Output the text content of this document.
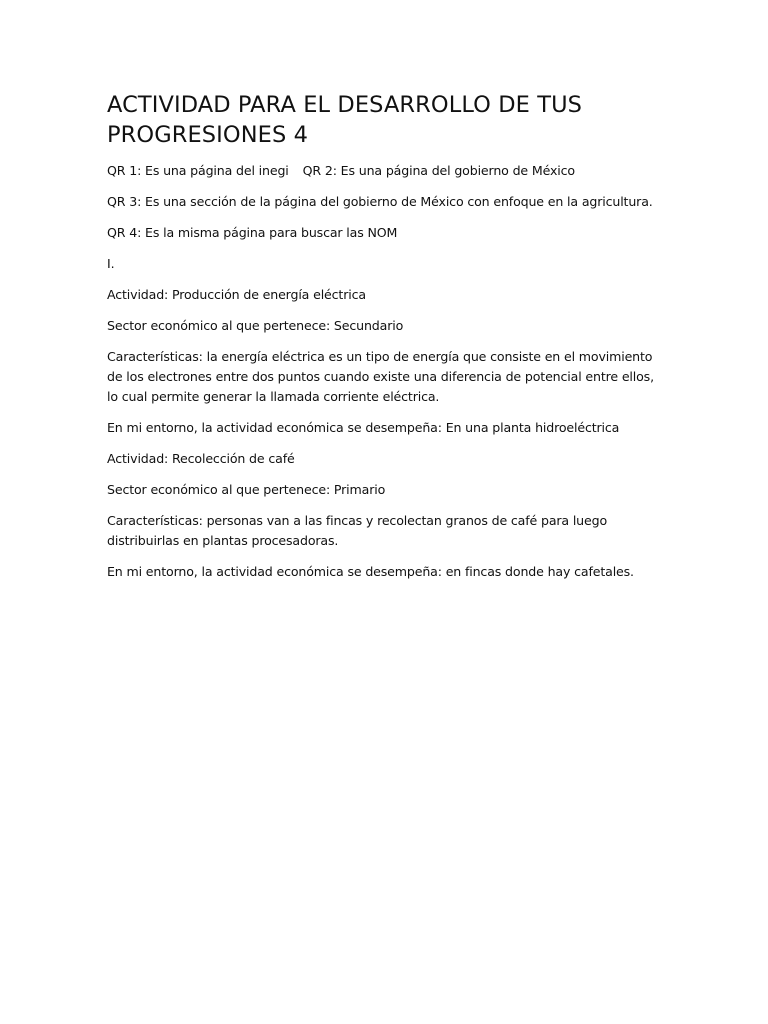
ACTIVIDAD PARA EL DESARROLLO DE TUS PROGRESIONES 4

QR 1: Es una página del inegi QR 2: Es una página del gobierno de México

QR 3: Es una sección de la página del gobierno de México con enfoque en la agricultura.

QR 4: Es la misma página para buscar las NOM

I.

Actividad: Producción de energía eléctrica

Sector económico al que pertenece: Secundario

Características: la energía eléctrica es un tipo de energía que consiste en el movimiento de los electrones entre dos puntos cuando existe una diferencia de potencial entre ellos, lo cual permite generar la llamada corriente eléctrica.

En mi entorno, la actividad económica se desempeña: En una planta hidroeléctrica

Actividad: Recolección de café

Sector económico al que pertenece: Primario

Características: personas van a las fincas y recolectan granos de café para luego distribuirlas en plantas procesadoras.

En mi entorno, la actividad económica se desempeña: en fincas donde hay cafetales.
